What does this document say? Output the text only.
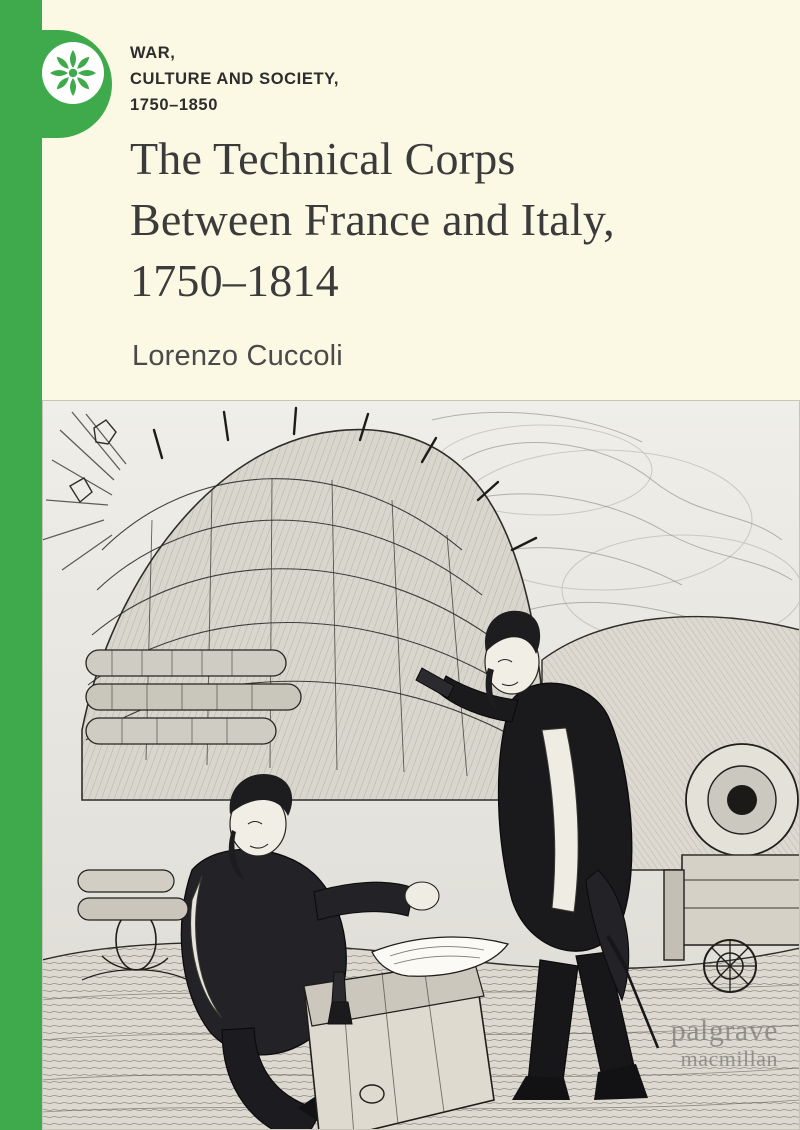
WAR,
CULTURE AND SOCIETY,
1750–1850
The Technical Corps
Between France and Italy,
1750–1814
Lorenzo Cuccoli
palgrave
macmillan
